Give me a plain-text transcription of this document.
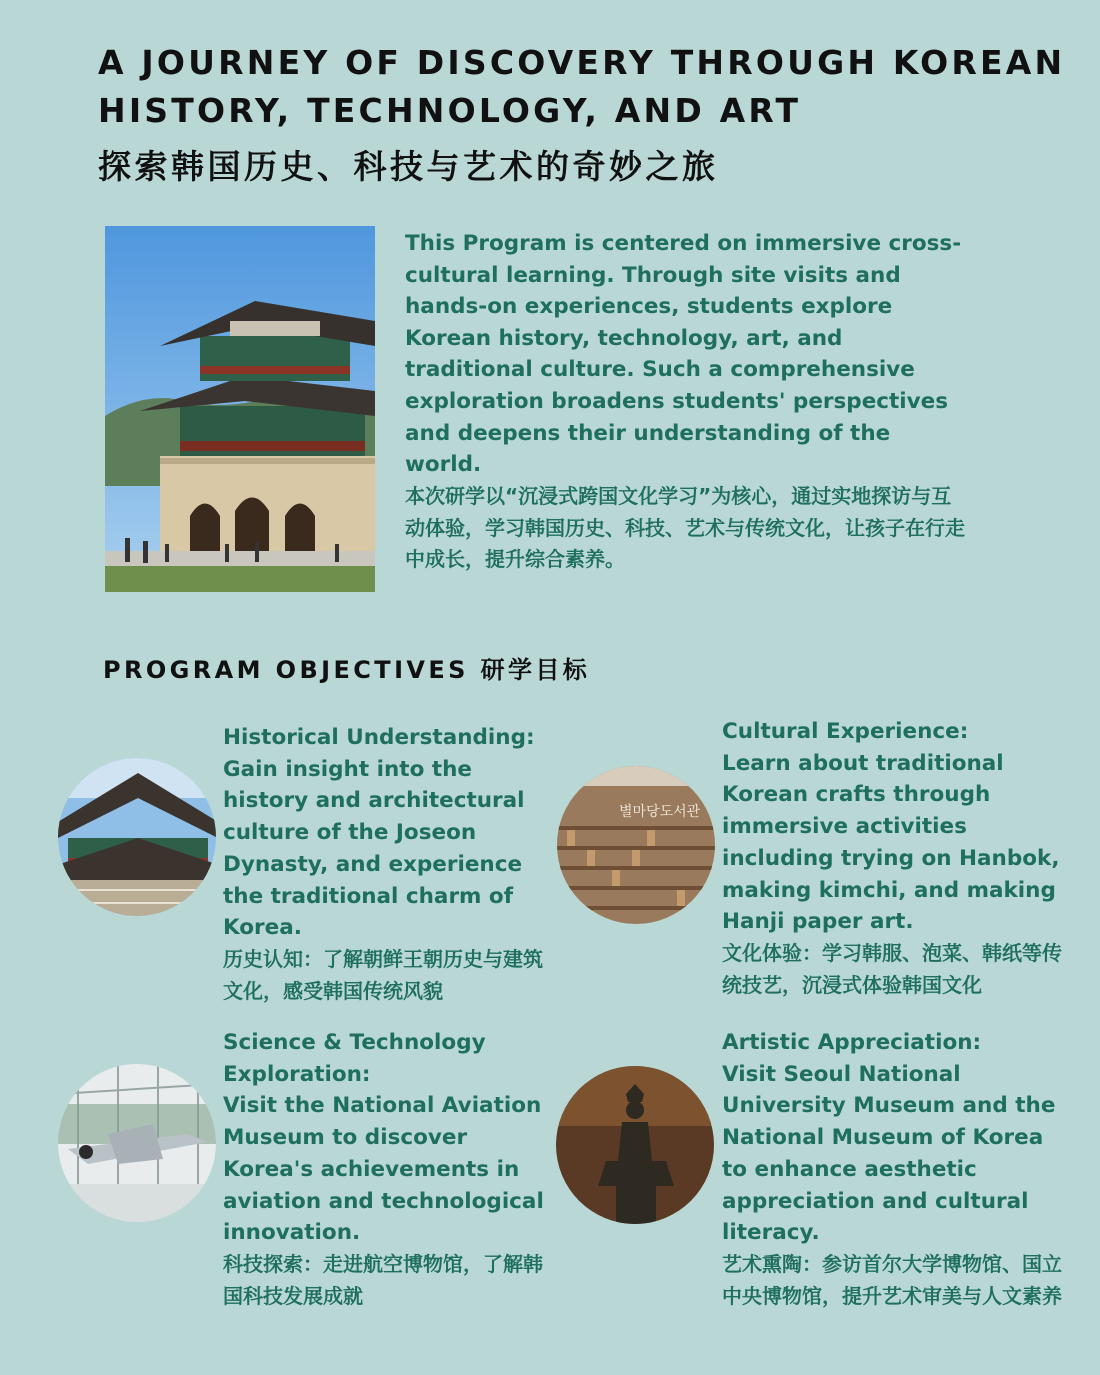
A JOURNEY OF DISCOVERY THROUGH KOREAN
HISTORY, TECHNOLOGY, AND ART
探索韩国历史、科技与艺术的奇妙之旅
This Program is centered on immersive cross-cultural learning. Through site visits and hands-on experiences, students explore Korean history, technology, art, and traditional culture. Such a comprehensive exploration broadens students' perspectives and deepens their understanding of the world.
本次研学以“沉浸式跨国文化学习”为核心，通过实地探访与互动体验，学习韩国历史、科技、艺术与传统文化，让孩子在行走中成长，提升综合素养。
PROGRAM OBJECTIVES 研学目标
Historical Understanding:
Gain insight into the history and architectural culture of the Joseon Dynasty, and experience the traditional charm of Korea.
历史认知：了解朝鲜王朝历史与建筑文化，感受韩国传统风貌
별마당도서관
Cultural Experience:
Learn about traditional Korean crafts through immersive activities including trying on Hanbok, making kimchi, and making Hanji paper art.
文化体验：学习韩服、泡菜、韩纸等传统技艺，沉浸式体验韩国文化
Science & Technology Exploration:
Visit the National Aviation Museum to discover Korea's achievements in aviation and technological innovation.
科技探索：走进航空博物馆，了解韩国科技发展成就
Artistic Appreciation:
Visit Seoul National University Museum and the National Museum of Korea to enhance aesthetic appreciation and cultural literacy.
艺术熏陶：参访首尔大学博物馆、国立中央博物馆，提升艺术审美与人文素养
